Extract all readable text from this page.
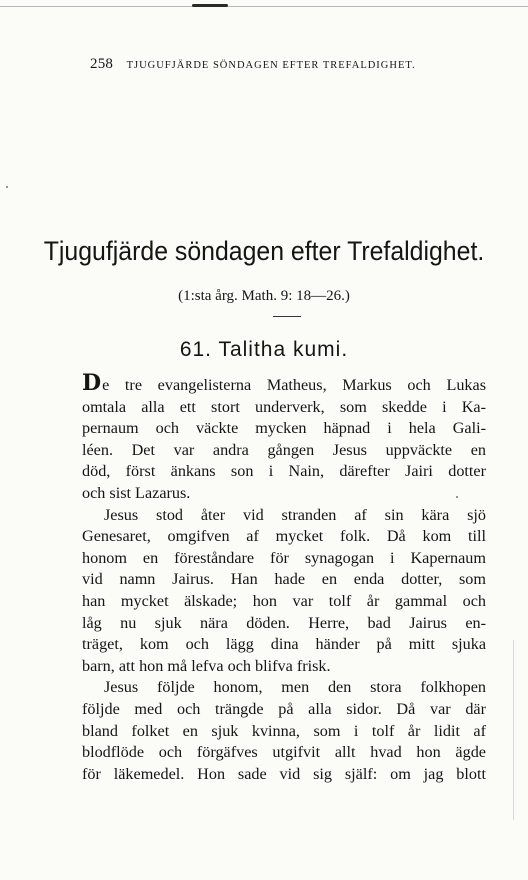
258 TJUGUFJÄRDE SÖNDAGEN EFTER TREFALDIGHET.
Tjugufjärde söndagen efter Trefaldighet.
(1:sta årg. Math. 9: 18—26.)
61. Talitha kumi.
De tre evangelisterna Matheus, Markus och Lukas
omtala alla ett stort underverk, som skedde i Ka-
pernaum och väckte mycken häpnad i hela Gali-
léen. Det var andra gången Jesus uppväckte en
död, först änkans son i Nain, därefter Jairi dotter
och sist Lazarus.
Jesus stod åter vid stranden af sin kära sjö
Genesaret, omgifven af mycket folk. Då kom till
honom en föreståndare för synagogan i Kapernaum
vid namn Jairus. Han hade en enda dotter, som
han mycket älskade; hon var tolf år gammal och
låg nu sjuk nära döden. Herre, bad Jairus en-
träget, kom och lägg dina händer på mitt sjuka
barn, att hon må lefva och blifva frisk.
Jesus följde honom, men den stora folkhopen
följde med och trängde på alla sidor. Då var där
bland folket en sjuk kvinna, som i tolf år lidit af
blodflöde och förgäfves utgifvit allt hvad hon ägde
för läkemedel. Hon sade vid sig själf: om jag blott
